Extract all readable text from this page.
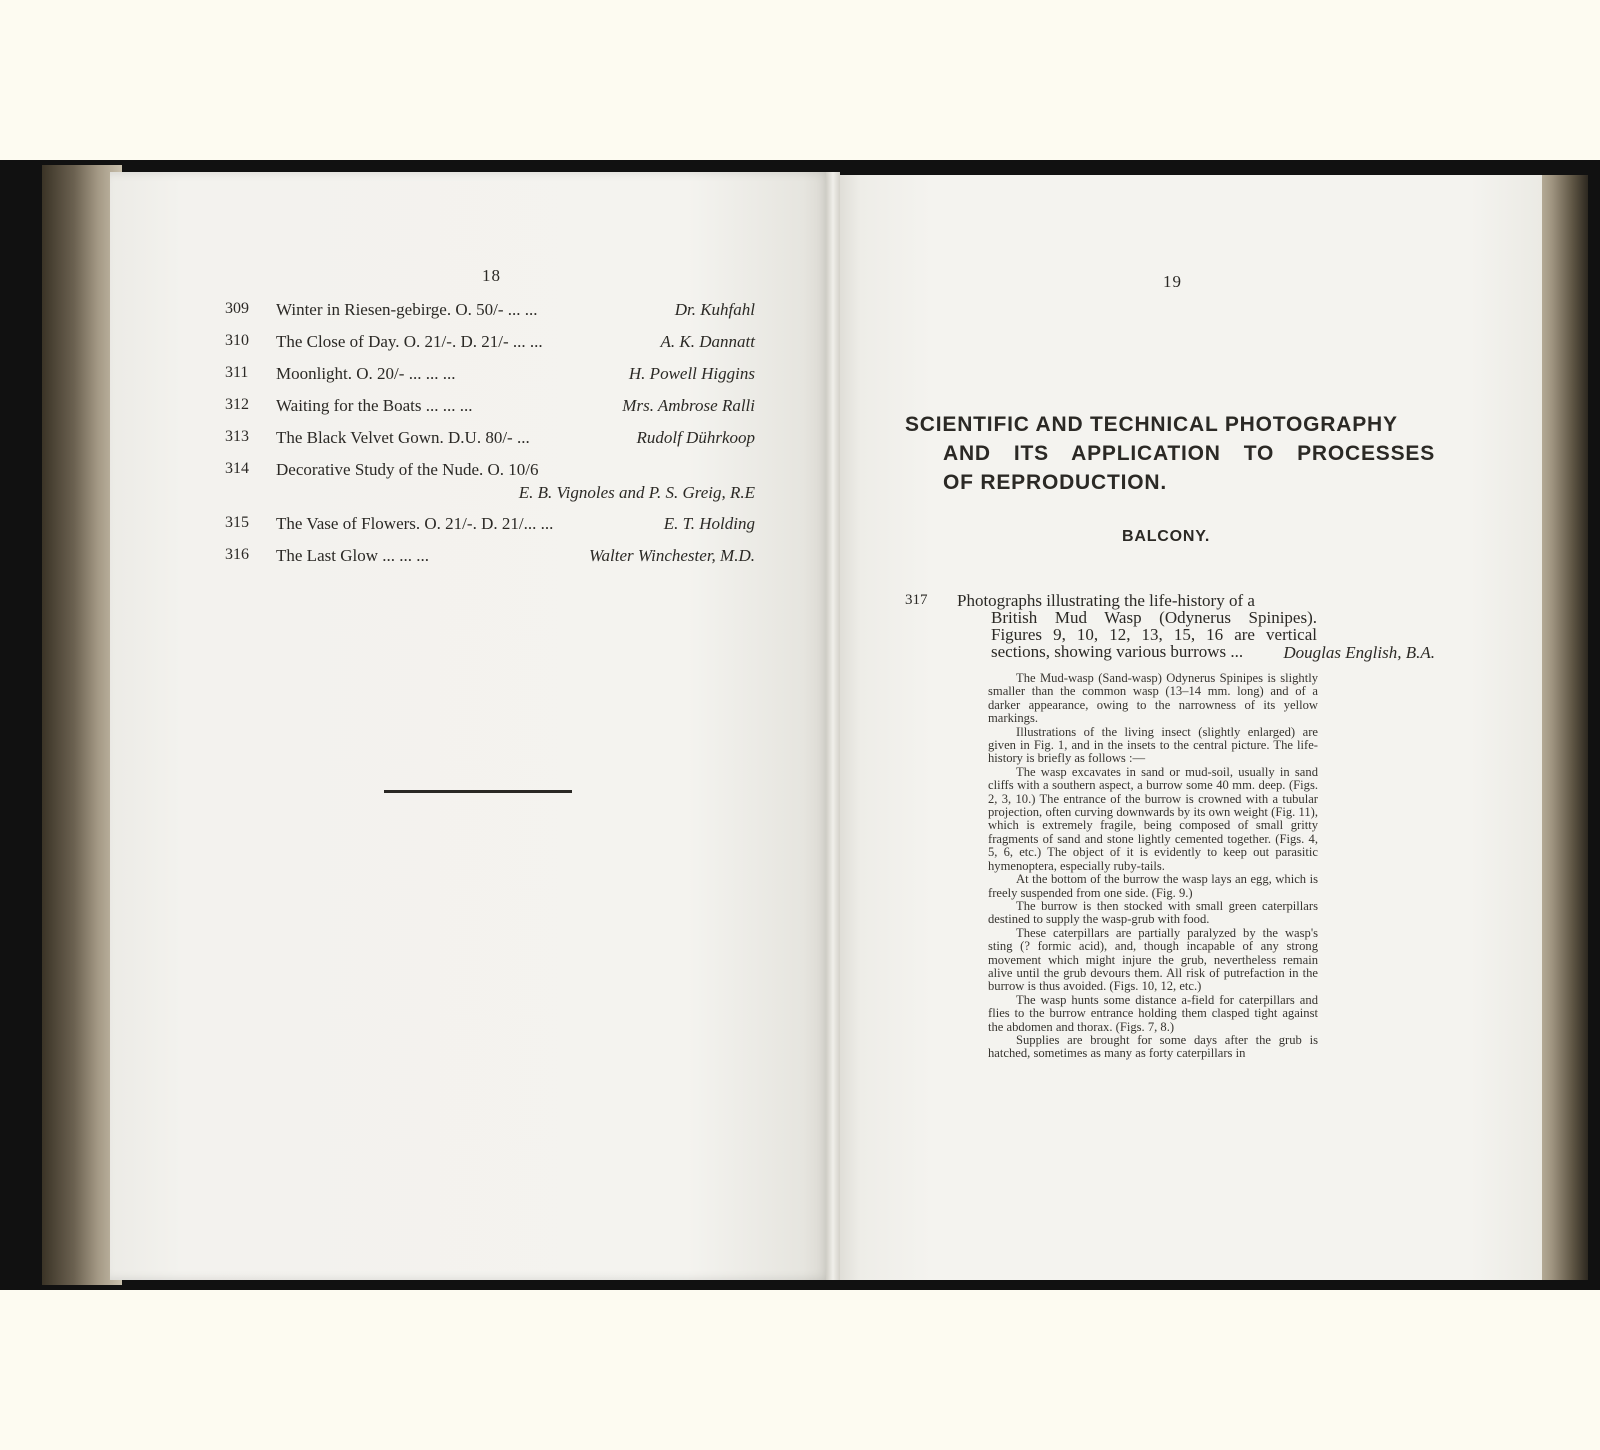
18
309 Winter in Riesen-gebirge. O. 50/- ... ...	Dr. Kuhfahl
310 The Close of Day. O. 21/-. D. 21/- ... ...	A. K. Dannatt
311 Moonlight. O. 20/- ... ... ...	H. Powell Higgins
312 Waiting for the Boats ... ... ...	Mrs. Ambrose Ralli
313 The Black Velvet Gown. D.U. 80/- ...	Rudolf Dührkoop
314 Decorative Study of the Nude. O. 10/6
E. B. Vignoles and P. S. Greig, R.E
315 The Vase of Flowers. O. 21/-. D. 21/... ...	E. T. Holding
316 The Last Glow ... ... ...	Walter Winchester, M.D.
19
SCIENTIFIC AND TECHNICAL PHOTOGRAPHY
AND ITS APPLICATION TO PROCESSES
OF REPRODUCTION.
BALCONY.
317 Photographs illustrating the life-history of a
British Mud Wasp (Odynerus Spinipes). Figures 9, 10, 12, 13, 15, 16 are vertical sections, showing various burrows ...	Douglas English, B.A.

The Mud-wasp (Sand-wasp) Odynerus Spinipes is slightly smaller than the common wasp (13–14 mm. long) and of a darker appearance, owing to the narrowness of its yellow markings.

Illustrations of the living insect (slightly enlarged) are given in Fig. 1, and in the insets to the central picture. The life-history is briefly as follows :—

The wasp excavates in sand or mud-soil, usually in sand cliffs with a southern aspect, a burrow some 40 mm. deep. (Figs. 2, 3, 10.) The entrance of the burrow is crowned with a tubular projection, often curving downwards by its own weight (Fig. 11), which is extremely fragile, being composed of small gritty fragments of sand and stone lightly cemented together. (Figs. 4, 5, 6, etc.) The object of it is evidently to keep out parasitic hymenoptera, especially ruby-tails.

At the bottom of the burrow the wasp lays an egg, which is freely suspended from one side. (Fig. 9.)

The burrow is then stocked with small green caterpillars destined to supply the wasp-grub with food.

These caterpillars are partially paralyzed by the wasp's sting (? formic acid), and, though incapable of any strong movement which might injure the grub, nevertheless remain alive until the grub devours them. All risk of putrefaction in the burrow is thus avoided. (Figs. 10, 12, etc.)

The wasp hunts some distance a-field for caterpillars and flies to the burrow entrance holding them clasped tight against the abdomen and thorax. (Figs. 7, 8.)

Supplies are brought for some days after the grub is hatched, sometimes as many as forty caterpillars in
